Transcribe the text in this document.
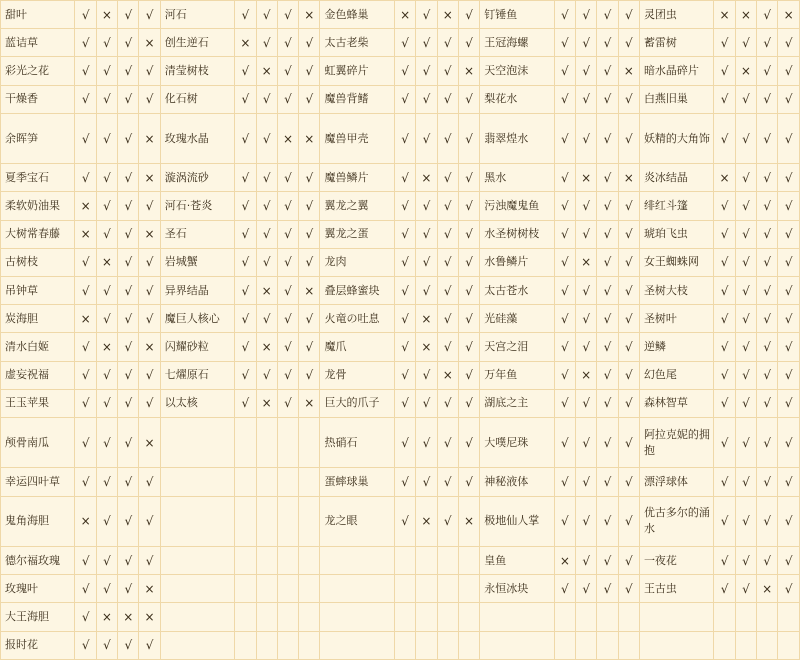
甜叶	√	×	√	√	河石	√	√	√	×	金色蜂巢	×	√	×	√	钉锤鱼	√	√	√	√	灵团虫	×	×	√	×
蓝诘草	√	√	√	×	创生逆石	×	√	√	√	太古老柴	√	√	√	√	王冠海螺	√	√	√	√	蓄雷树	√	√	√	√
彩光之花	√	√	√	√	清莹树枝	√	×	√	√	虹翼碎片	√	√	√	×	天空泡沫	√	√	√	×	暗水晶碎片	√	×	√	√
干燥香	√	√	√	√	化石树	√	√	√	√	魔兽背鳍	√	√	√	√	梨花水	√	√	√	√	白燕旧巢	√	√	√	√
余晖笋	√	√	√	×	玫瑰水晶	√	√	×	×	魔兽甲壳	√	√	√	√	翡翠煌水	√	√	√	√	妖精的大角饰	√	√	√	√
夏季宝石	√	√	√	×	漩涡流砂	√	√	√	√	魔兽鳞片	√	×	√	√	黑水	√	×	√	×	炎冰结晶	×	√	√	√
柔软奶油果	×	√	√	√	河石·苍炎	√	√	√	√	翼龙之翼	√	√	√	√	污浊魔鬼鱼	√	√	√	√	绯红斗篷	√	√	√	√
大树常春藤	×	√	√	×	圣石	√	√	√	√	翼龙之蛋	√	√	√	√	水圣树树枝	√	√	√	√	琥珀飞虫	√	√	√	√
古树枝	√	×	√	√	岩城蟹	√	√	√	√	龙肉	√	√	√	√	水鲁鳞片	√	×	√	√	女王蜘蛛网	√	√	√	√
吊钟草	√	√	√	√	异界结晶	√	×	√	×	叠层蜂蜜块	√	√	√	√	太古苍水	√	√	√	√	圣树大枝	√	√	√	√
炭海胆	×	√	√	√	魔巨人核心	√	√	√	√	火竜の吐息	√	×	√	√	光硅藻	√	√	√	√	圣树叶	√	√	√	√
清水白姬	√	×	√	×	闪耀砂粒	√	×	√	√	魔爪	√	×	√	√	天宫之泪	√	√	√	√	逆鳞	√	√	√	√
虚妄祝福	√	√	√	√	七燿原石	√	√	√	√	龙骨	√	√	×	√	万年鱼	√	×	√	√	幻色尾	√	√	√	√
王玉苹果	√	√	√	√	以太核	√	×	√	×	巨大的爪子	√	√	√	√	湖底之主	√	√	√	√	森林智草	√	√	√	√
颅骨南瓜	√	√	√	×						热硝石	√	√	√	√	大噗尼珠	√	√	√	√	阿拉克妮的拥抱	√	√	√	√
幸运四叶草	√	√	√	√						蛋蟀球巢	√	√	√	√	神秘液体	√	√	√	√	漂浮球体	√	√	√	√
鬼角海胆	×	√	√	√						龙之眼	√	×	√	×	极地仙人掌	√	√	√	√	优古多尔的涌水	√	√	√	√
德尔福玫瑰	√	√	√	√											皇鱼	×	√	√	√	一夜花	√	√	√	√
玫瑰叶	√	√	√	×											永恒冰块	√	√	√	√	王古虫	√	√	×	√
大王海胆	√	×	×	×																				
报时花	√	√	√	√																				
